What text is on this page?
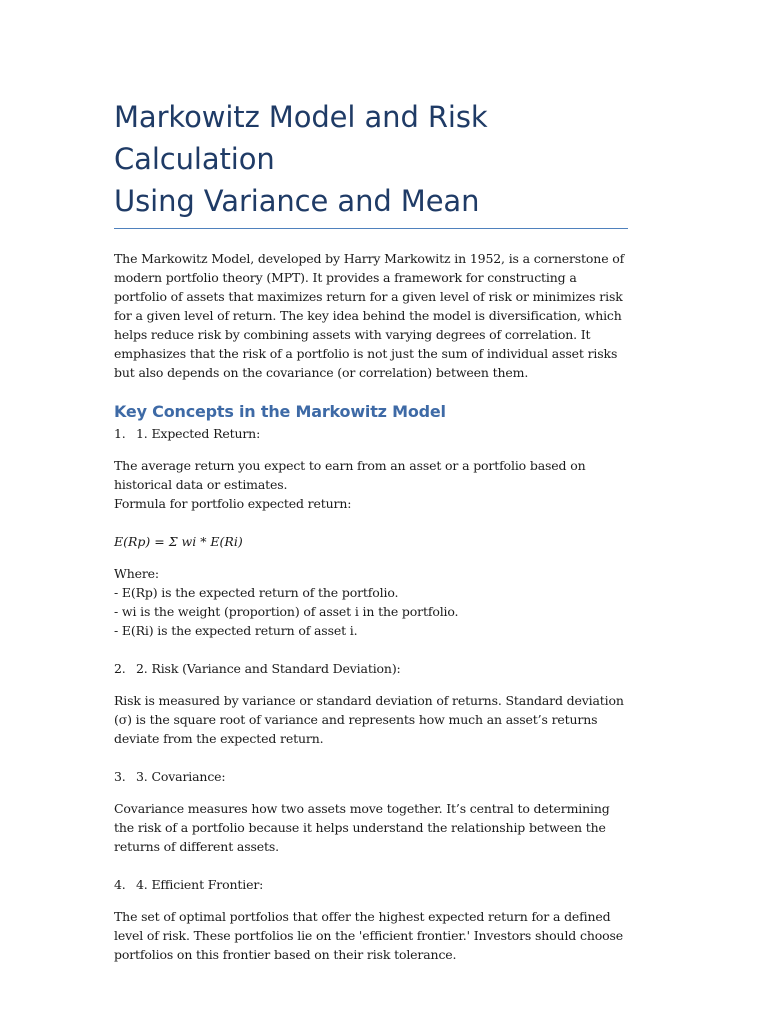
Markowitz Model and Risk Calculation
Using Variance and Mean

The Markowitz Model, developed by Harry Markowitz in 1952, is a cornerstone of modern portfolio theory (MPT). It provides a framework for constructing a portfolio of assets that maximizes return for a given level of risk or minimizes risk for a given level of return. The key idea behind the model is diversification, which helps reduce risk by combining assets with varying degrees of correlation. It emphasizes that the risk of a portfolio is not just the sum of individual asset risks but also depends on the covariance (or correlation) between them.

Key Concepts in the Markowitz Model
1. 1. Expected Return:

The average return you expect to earn from an asset or a portfolio based on historical data or estimates.

Formula for portfolio expected return:

E(Rp) = Σ wi * E(Ri)

Where:
- E(Rp) is the expected return of the portfolio.
- wi is the weight (proportion) of asset i in the portfolio.
- E(Ri) is the expected return of asset i.

2. 2. Risk (Variance and Standard Deviation):

Risk is measured by variance or standard deviation of returns. Standard deviation (σ) is the square root of variance and represents how much an asset’s returns deviate from the expected return.

3. 3. Covariance:

Covariance measures how two assets move together. It’s central to determining the risk of a portfolio because it helps understand the relationship between the returns of different assets.

4. 4. Efficient Frontier:

The set of optimal portfolios that offer the highest expected return for a defined level of risk. These portfolios lie on the 'efficient frontier.' Investors should choose portfolios on this frontier based on their risk tolerance.
